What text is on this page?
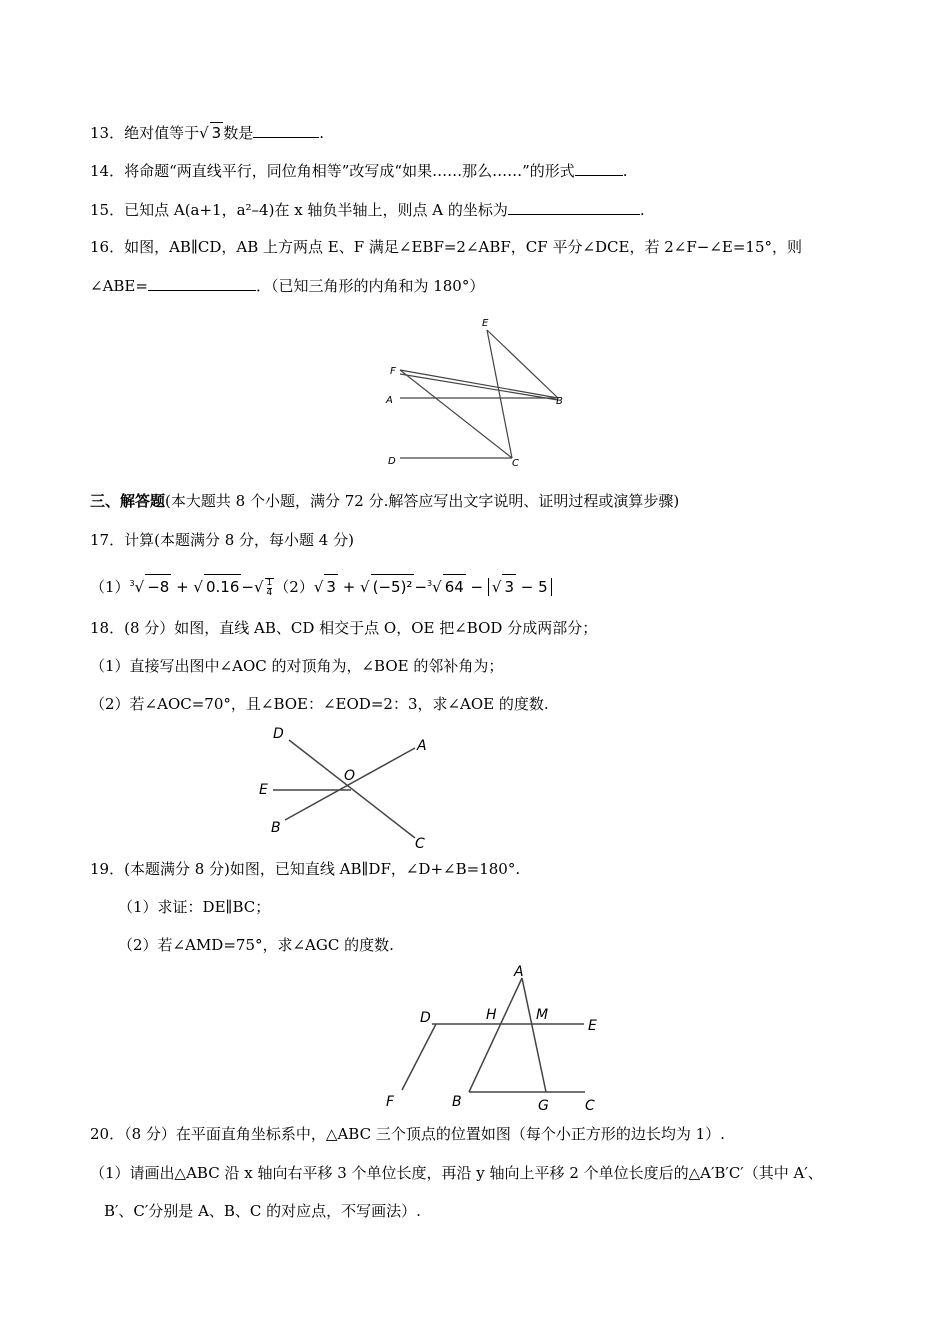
13．绝对值等于√ 3 数是	.
14．将命题“两直线平行，同位角相等”改写成“如果……那么……”的形式	.
15．已知点 A(a+1，a²–4)在 x 轴负半轴上，则点 A 的坐标为	.
16．如图，AB∥CD，AB 上方两点 E、F 满足∠EBF=2∠ABF，CF 平分∠DCE，若 2∠F−∠E=15°，则
∠ABE=	．（已知三角形的内角和为 180°）
E
F
A	B
D	C
三、解答题(本大题共 8 个小题，满分 72 分.解答应写出文字说明、证明过程或演算步骤)
17．计算(本题满分 8 分，每小题 4 分)
$(1)^3√ -8$ + √ $0.16 -√\frac{1}{4}(2)√$ 3 + √ (−5)² −$^3$√ 64 − √ 3 − 5
18．(8 分）如图，直线 AB、CD 相交于点 O，OE 把∠BOD 分成两部分；
（1）直接写出图中∠AOC 的对顶角为，∠BOE 的邻补角为；
（2）若∠AOC=70°，且∠BOE：∠EOD=2：3，求∠AOE 的度数.
D
A
O
E
B
C
19．(本题满分 8 分)如图，已知直线 AB∥DF，∠D+∠B=180°.
（1）求证：DE∥BC；
（2）若∠AMD=75°，求∠AGC 的度数.
A
D	H	M
E
F	B	G	C
20．（8 分）在平面直角坐标系中，△ABC 三个顶点的位置如图（每个小正方形的边长均为 1）.
（1）请画出△ABC 沿 x 轴向右平移 3 个单位长度，再沿 y 轴向上平移 2 个单位长度后的△A′B′C′（其中 A′、
B′、C′分别是 A、B、C 的对应点，不写画法）.
